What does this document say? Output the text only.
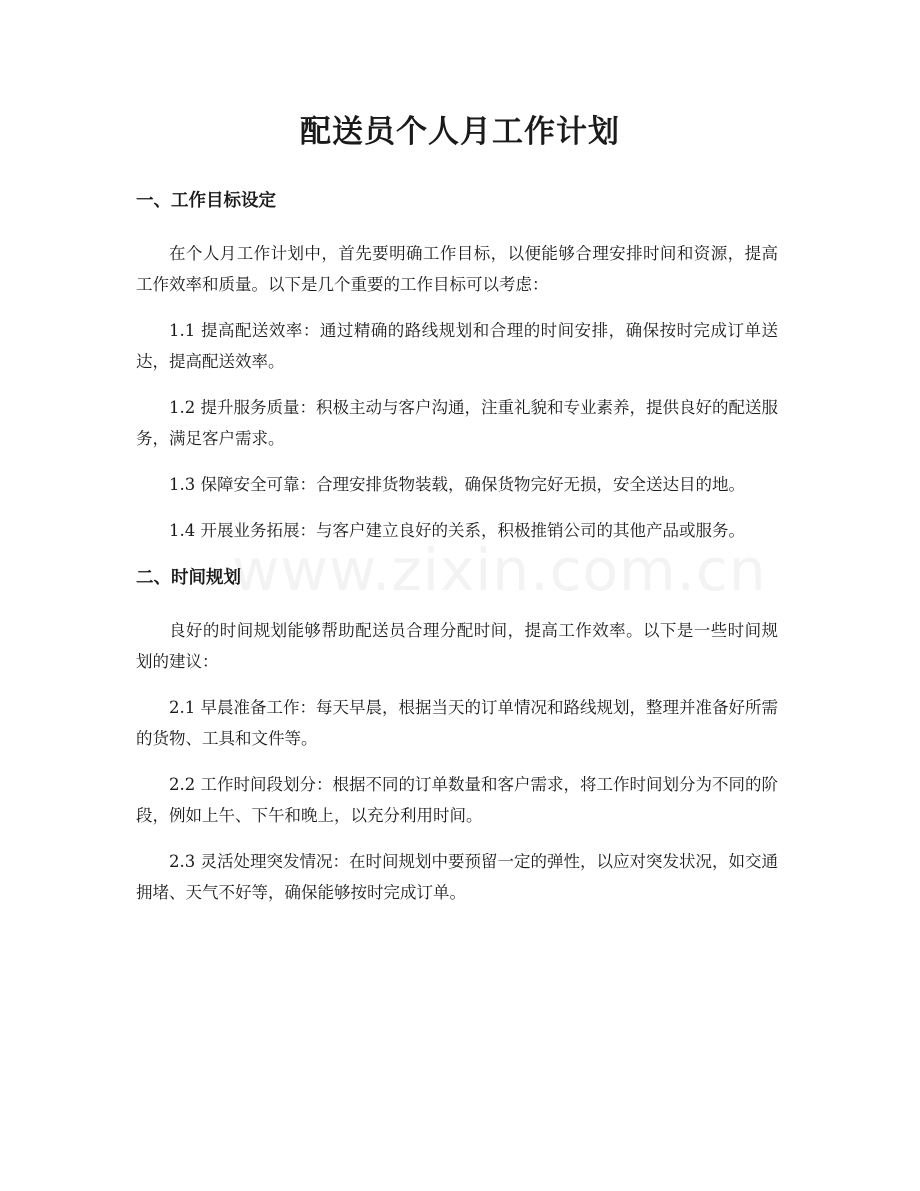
配送员个人月工作计划
www.zixin.com.cn
一、工作目标设定

在个人月工作计划中，首先要明确工作目标，以便能够合理安排时间和资源，提高工作效率和质量。以下是几个重要的工作目标可以考虑：

1.1 提高配送效率：通过精确的路线规划和合理的时间安排，确保按时完成订单送达，提高配送效率。

1.2 提升服务质量：积极主动与客户沟通，注重礼貌和专业素养，提供良好的配送服务，满足客户需求。

1.3 保障安全可靠：合理安排货物装载，确保货物完好无损，安全送达目的地。

1.4 开展业务拓展：与客户建立良好的关系，积极推销公司的其他产品或服务。

二、时间规划

良好的时间规划能够帮助配送员合理分配时间，提高工作效率。以下是一些时间规划的建议：

2.1 早晨准备工作：每天早晨，根据当天的订单情况和路线规划，整理并准备好所需的货物、工具和文件等。

2.2 工作时间段划分：根据不同的订单数量和客户需求，将工作时间划分为不同的阶段，例如上午、下午和晚上，以充分利用时间。

2.3 灵活处理突发情况：在时间规划中要预留一定的弹性，以应对突发状况，如交通拥堵、天气不好等，确保能够按时完成订单。
